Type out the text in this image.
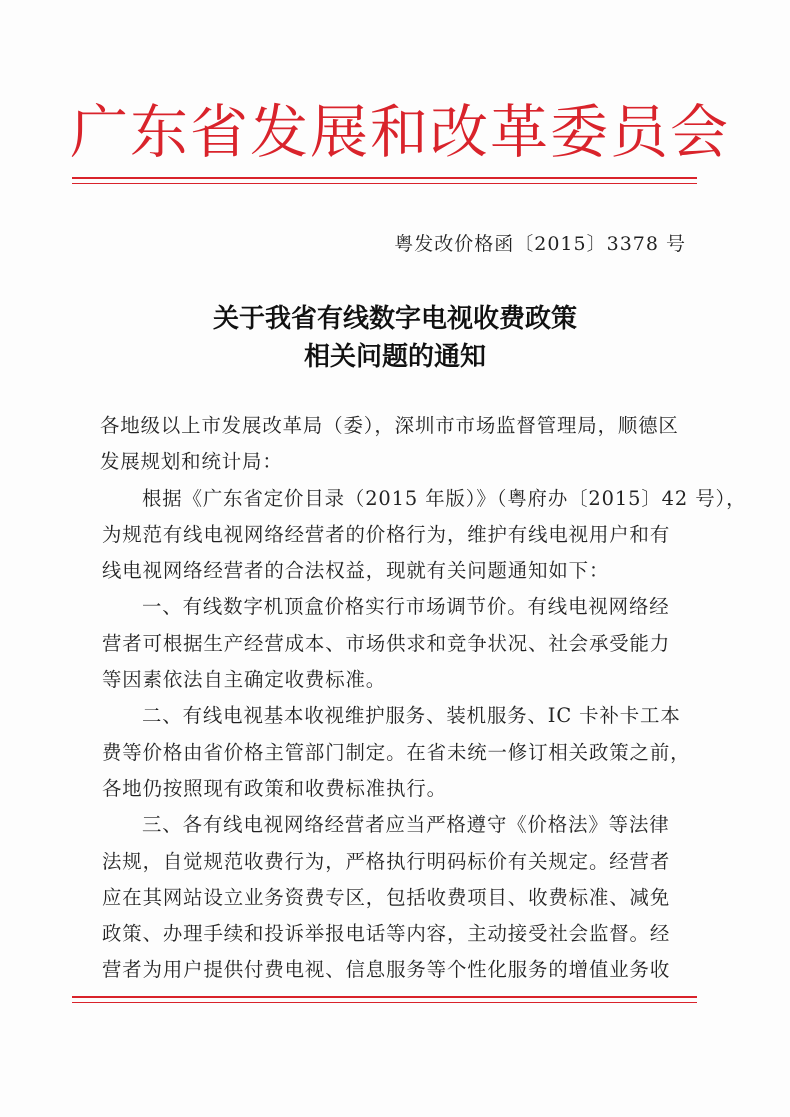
广东省发展和改革委员会
粤发改价格函〔2015〕3378 号
关于我省有线数字电视收费政策
相关问题的通知
各地级以上市发展改革局（委），深圳市市场监督管理局，顺德区
发展规划和统计局：
根据《广东省定价目录（2015 年版）》（粤府办〔2015〕42 号），
为规范有线电视网络经营者的价格行为，维护有线电视用户和有
线电视网络经营者的合法权益，现就有关问题通知如下：
一、有线数字机顶盒价格实行市场调节价。有线电视网络经
营者可根据生产经营成本、市场供求和竞争状况、社会承受能力
等因素依法自主确定收费标准。
二、有线电视基本收视维护服务、装机服务、IC 卡补卡工本
费等价格由省价格主管部门制定。在省未统一修订相关政策之前，
各地仍按照现有政策和收费标准执行。
三、各有线电视网络经营者应当严格遵守《价格法》等法律
法规，自觉规范收费行为，严格执行明码标价有关规定。经营者
应在其网站设立业务资费专区，包括收费项目、收费标准、减免
政策、办理手续和投诉举报电话等内容，主动接受社会监督。经
营者为用户提供付费电视、信息服务等个性化服务的增值业务收
